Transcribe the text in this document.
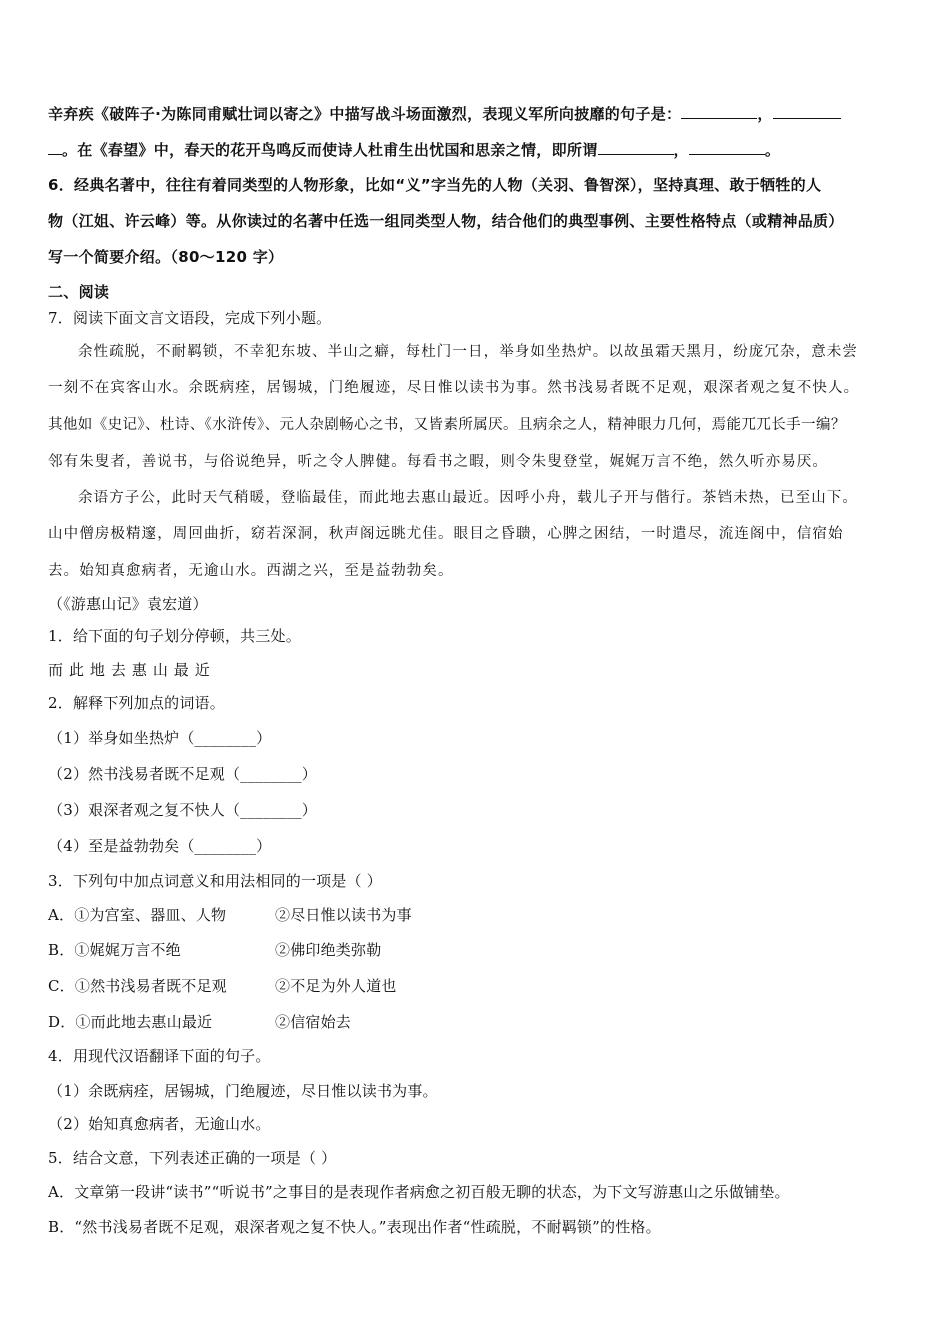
辛弃疾《破阵子·为陈同甫赋壮词以寄之》中描写战斗场面激烈，表现义军所向披靡的句子是：	，
。在《春望》中，春天的花开鸟鸣反而使诗人杜甫生出忧国和思亲之情，即所谓	，	。
6．经典名著中，往往有着同类型的人物形象，比如“义”字当先的人物（关羽、鲁智深），坚持真理、敢于牺牲的人
物（江姐、许云峰）等。从你读过的名著中任选一组同类型人物，结合他们的典型事例、主要性格特点（或精神品质）
写一个简要介绍。（80～120 字）
二、阅读
7．阅读下面文言文语段，完成下列小题。
余性疏脱，不耐羁锁，不幸犯东坡、半山之癖，每杜门一日，举身如坐热炉。以故虽霜天黑月，纷庞冗杂，意未尝
一刻不在宾客山水。余既病痊，居锡城，门绝履迹，尽日惟以读书为事。然书浅易者既不足观，艰深者观之复不快人。
其他如《史记》、杜诗、《水浒传》、元人杂剧畅心之书，又皆素所属厌。且病余之人，精神眼力几何，焉能兀兀长手一编？
邻有朱叟者，善说书，与俗说绝异，听之令人脾健。每看书之暇，则令朱叟登堂，娓娓万言不绝，然久听亦易厌。
余语方子公，此时天气稍暖，登临最佳，而此地去惠山最近。因呼小舟，载儿子开与偕行。茶铛未热，已至山下。
山中僧房极精邃，周回曲折，窈若深洞，秋声阁远眺尤佳。眼目之昏聩，心脾之困结，一时遣尽，流连阁中，信宿始
去。始知真愈病者，无逾山水。西湖之兴，至是益勃勃矣。
（《游惠山记》袁宏道）
1．给下面的句子划分停顿，共三处。
而 此 地 去 惠 山 最 近
2．解释下列加点的词语。
（1）举身如坐热炉（________）
（2）然书浅易者既不足观（________）
（3）艰深者观之复不快人（________）
（4）至是益勃勃矣（________）
3．下列句中加点词意义和用法相同的一项是（ ）
A．①为宫室、器皿、人物	②尽日惟以读书为事
B．①娓娓万言不绝	②佛印绝类弥勒
C．①然书浅易者既不足观	②不足为外人道也
D．①而此地去惠山最近	②信宿始去
4．用现代汉语翻译下面的句子。
（1）余既病痊，居锡城，门绝履迹，尽日惟以读书为事。
（2）始知真愈病者，无逾山水。
5．结合文意，下列表述正确的一项是（ ）
A．文章第一段讲“读书”“听说书”之事目的是表现作者病愈之初百般无聊的状态，为下文写游惠山之乐做铺垫。
B．“然书浅易者既不足观，艰深者观之复不快人。”表现出作者“性疏脱，不耐羁锁”的性格。
